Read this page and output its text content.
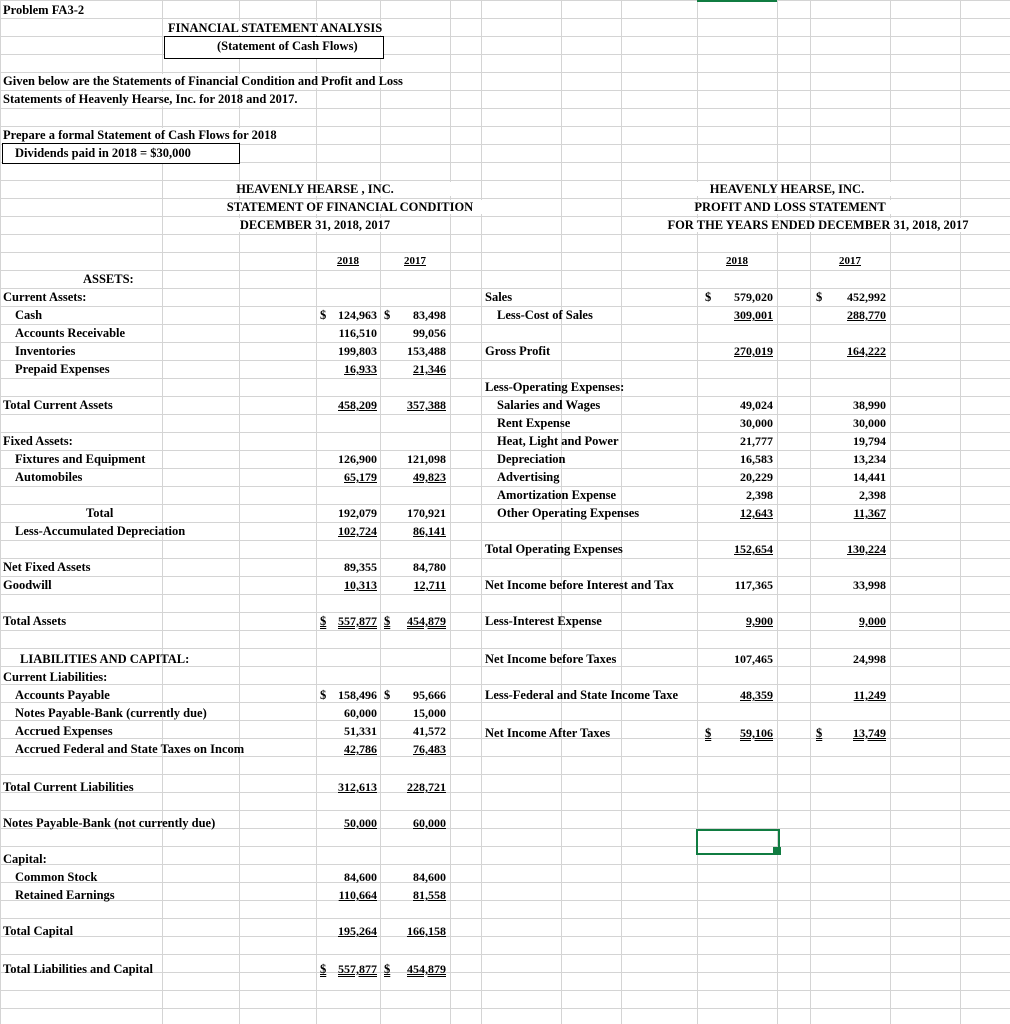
Problem FA3-2
FINANCIAL STATEMENT ANALYSIS
(Statement of Cash Flows)
Given below are the Statements of Financial Condition and Profit and Loss
Statements of Heavenly Hearse, Inc. for 2018 and 2017.
Prepare a formal Statement of Cash Flows for 2018
Dividends paid in 2018 = $30,000
HEAVENLY HEARSE , INC.
STATEMENT OF FINANCIAL CONDITION
DECEMBER 31, 2018, 2017
2018	2017
HEAVENLY HEARSE, INC.
PROFIT AND LOSS STATEMENT
FOR THE YEARS ENDED DECEMBER 31, 2018, 2017
2018	2017
ASSETS:
Current Assets:
Cash	$ 124,963 $	83,498
Accounts Receivable	116,510	99,056
Inventories	199,803	153,488
Prepaid Expenses	16,933	21,346
Total Current Assets	458,209	357,388
Fixed Assets:
Fixtures and Equipment	126,900	121,098
Automobiles	65,179	49,823
Total	192,079	170,921
Less-Accumulated Depreciation	102,724	86,141
Net Fixed Assets	89,355	84,780
Goodwill	10,313	12,711
Total Assets	$ 557,877 $	454,879
LIABILITIES AND CAPITAL:
Current Liabilities:
Accounts Payable	$ 158,496 $	95,666
Notes Payable-Bank (currently due)	60,000	15,000
Accrued Expenses	51,331	41,572
Accrued Federal and State Taxes on Incom	42,786	76,483
Total Current Liabilities	312,613	228,721
Notes Payable-Bank (not currently due)	50,000	60,000
Capital:
Common Stock	84,600	84,600
Retained Earnings	110,664	81,558
Total Capital	195,264	166,158
Total Liabilities and Capital	$ 557,877 $	454,879
Sales	$	579,020	$	452,992
Less-Cost of Sales	309,001	288,770
Gross Profit	270,019	164,222
Less-Operating Expenses:
Salaries and Wages	49,024	38,990
Rent Expense	30,000	30,000
Heat, Light and Power	21,777	19,794
Depreciation	16,583	13,234
Advertising	20,229	14,441
Amortization Expense	2,398	2,398
Other Operating Expenses	12,643	11,367
Total Operating Expenses	152,654	130,224
Net Income before Interest and Tax	117,365	33,998
Less-Interest Expense	9,900	9,000
Net Income before Taxes	107,465	24,998
Less-Federal and State Income Taxe	48,359	11,249
Net Income After Taxes	$	59,106	$	13,749
